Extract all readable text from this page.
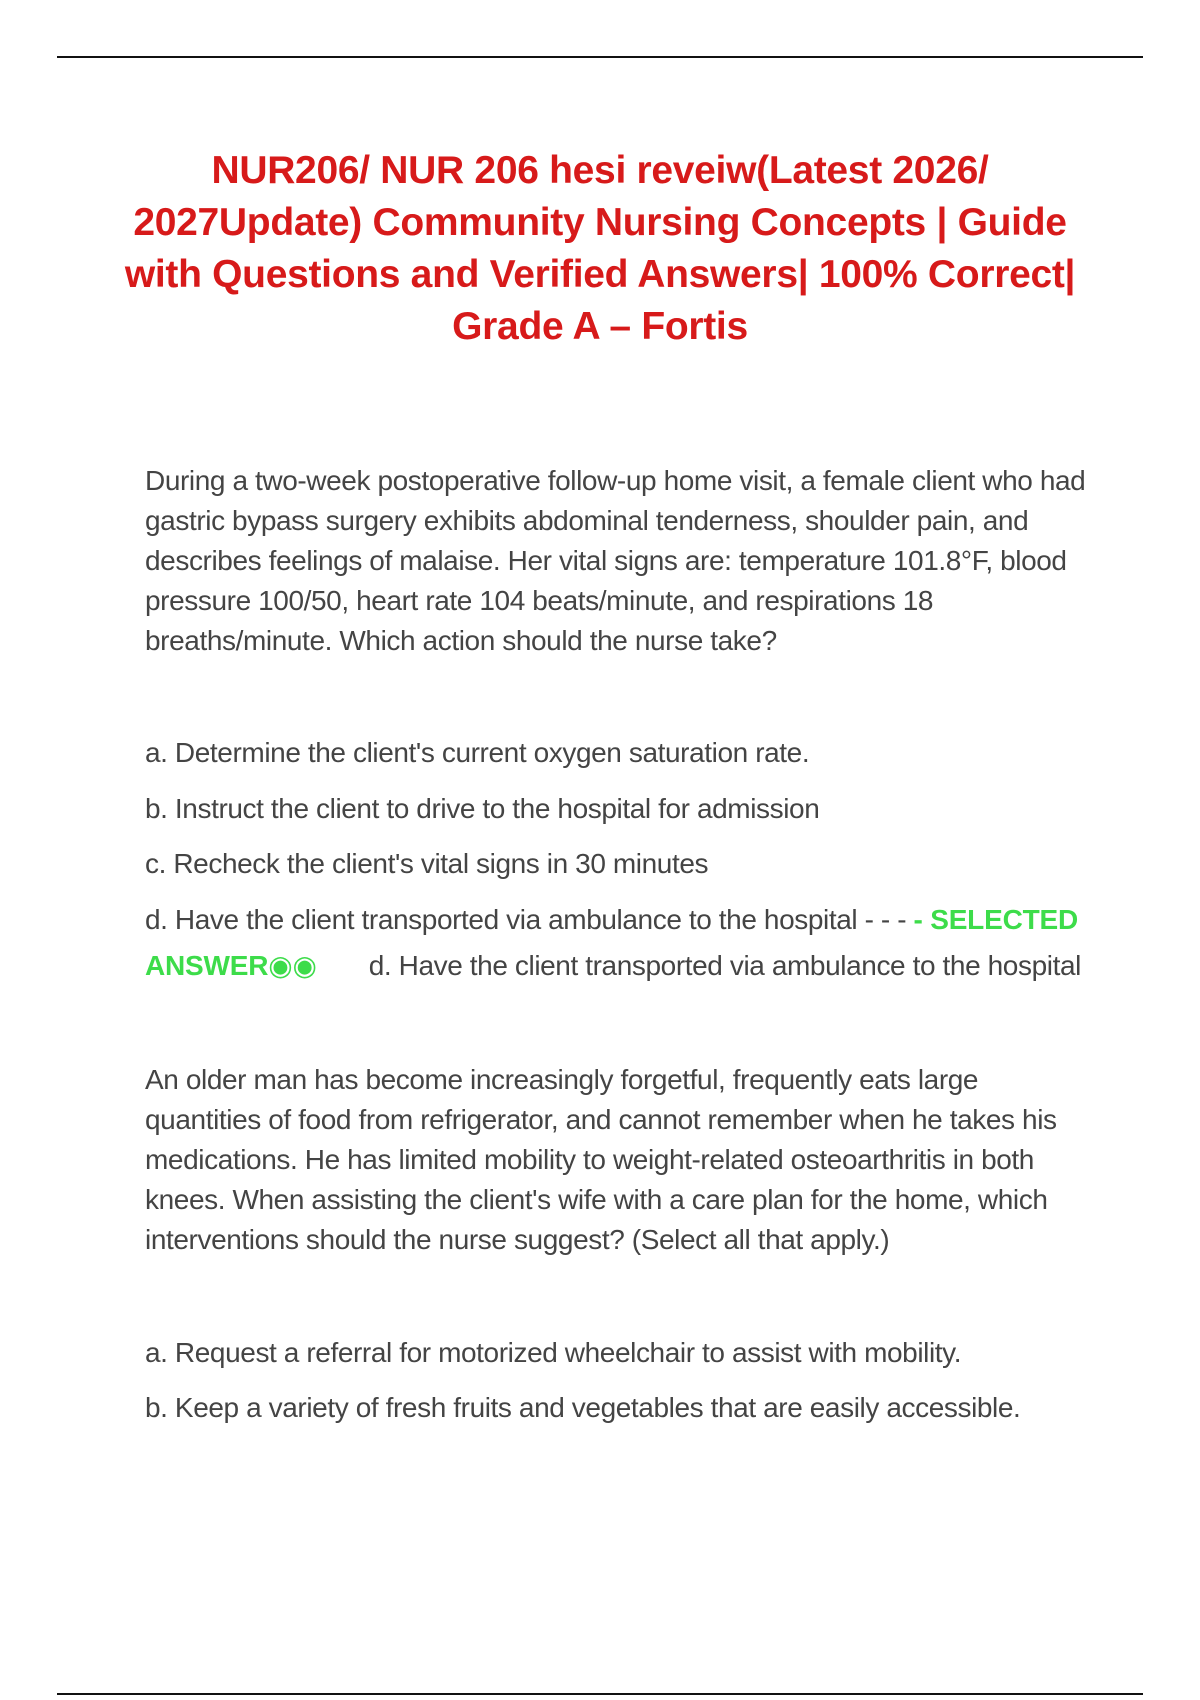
NUR206/ NUR 206 hesi reveiw(Latest 2026/ 2027Update) Community Nursing Concepts | Guide with Questions and Verified Answers| 100% Correct| Grade A – Fortis

During a two-week postoperative follow-up home visit, a female client who had gastric bypass surgery exhibits abdominal tenderness, shoulder pain, and describes feelings of malaise. Her vital signs are: temperature 101.8°F, blood pressure 100/50, heart rate 104 beats/minute, and respirations 18 breaths/minute. Which action should the nurse take?

a. Determine the client's current oxygen saturation rate.

b. Instruct the client to drive to the hospital for admission

c. Recheck the client's vital signs in 30 minutes

d. Have the client transported via ambulance to the hospital - - - - SELECTED

ANSWER◉◉ d. Have the client transported via ambulance to the hospital

An older man has become increasingly forgetful, frequently eats large quantities of food from refrigerator, and cannot remember when he takes his medications. He has limited mobility to weight-related osteoarthritis in both knees. When assisting the client's wife with a care plan for the home, which interventions should the nurse suggest? (Select all that apply.)

a. Request a referral for motorized wheelchair to assist with mobility.

b. Keep a variety of fresh fruits and vegetables that are easily accessible.
